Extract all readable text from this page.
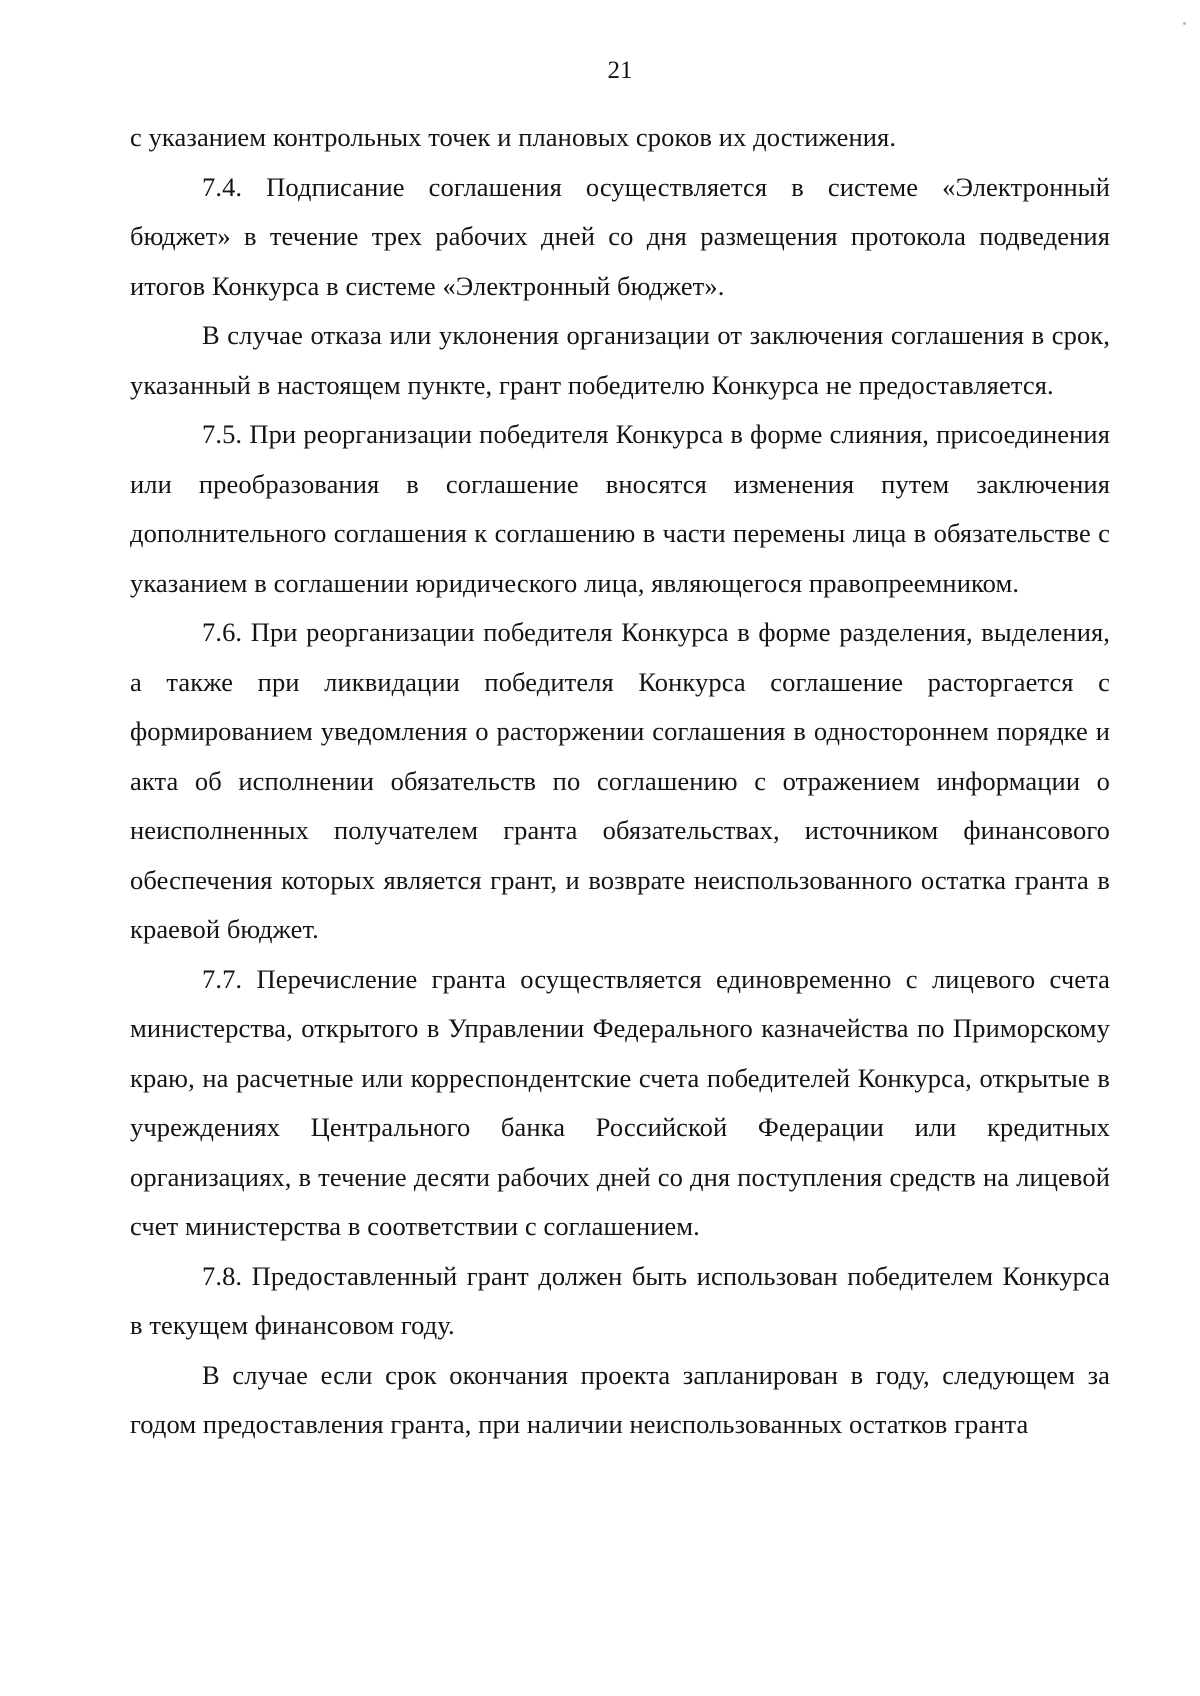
21

с указанием контрольных точек и плановых сроков их достижения.

7.4. Подписание соглашения осуществляется в системе «Электронный бюджет» в течение трех рабочих дней со дня размещения протокола подведения итогов Конкурса в системе «Электронный бюджет».

В случае отказа или уклонения организации от заключения соглашения в срок, указанный в настоящем пункте, грант победителю Конкурса не предоставляется.

7.5. При реорганизации победителя Конкурса в форме слияния, присоединения или преобразования в соглашение вносятся изменения путем заключения дополнительного соглашения к соглашению в части перемены лица в обязательстве с указанием в соглашении юридического лица, являющегося правопреемником.

7.6. При реорганизации победителя Конкурса в форме разделения, выделения, а также при ликвидации победителя Конкурса соглашение расторгается с формированием уведомления о расторжении соглашения в одностороннем порядке и акта об исполнении обязательств по соглашению с отражением информации о неисполненных получателем гранта обязательствах, источником финансового обеспечения которых является грант, и возврате неиспользованного остатка гранта в краевой бюджет.

7.7. Перечисление гранта осуществляется единовременно с лицевого счета министерства, открытого в Управлении Федерального казначейства по Приморскому краю, на расчетные или корреспондентские счета победителей Конкурса, открытые в учреждениях Центрального банка Российской Федерации или кредитных организациях, в течение десяти рабочих дней со дня поступления средств на лицевой счет министерства в соответствии с соглашением.

7.8. Предоставленный грант должен быть использован победителем Конкурса в текущем финансовом году.

В случае если срок окончания проекта запланирован в году, следующем за годом предоставления гранта, при наличии неиспользованных остатков гранта
